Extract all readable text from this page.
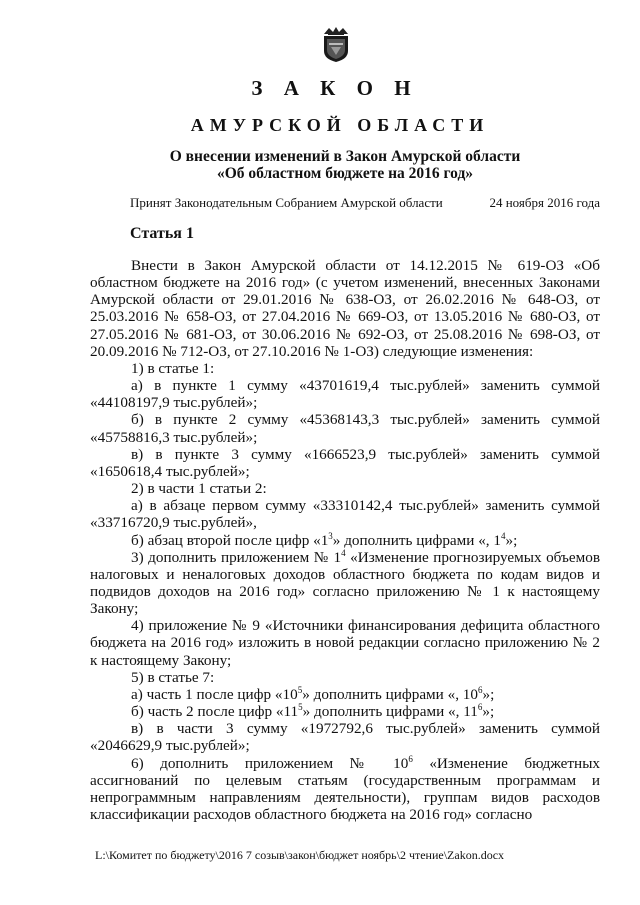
З А К О Н
АМУРСКОЙ ОБЛАСТИ
О внесении изменений в Закон Амурской области
«Об областном бюджете на 2016 год»
Принят Законодательным Собранием Амурской области	24 ноября 2016 года
Статья 1

Внести в Закон Амурской области от 14.12.2015 № 619-ОЗ «Об областном бюджете на 2016 год» (с учетом изменений, внесенных Законами Амурской области от 29.01.2016 № 638-ОЗ, от 26.02.2016 № 648-ОЗ, от 25.03.2016 № 658-ОЗ, от 27.04.2016 № 669-ОЗ, от 13.05.2016 № 680-ОЗ, от 27.05.2016 № 681-ОЗ, от 30.06.2016 № 692-ОЗ, от 25.08.2016 № 698-ОЗ, от 20.09.2016 № 712-ОЗ, от 27.10.2016 № 1-ОЗ) следующие изменения:

1) в статье 1:

а) в пункте 1 сумму «43701619,4 тыс.рублей» заменить суммой «44108197,9 тыс.рублей»;

б) в пункте 2 сумму «45368143,3 тыс.рублей» заменить суммой «45758816,3 тыс.рублей»;

в) в пункте 3 сумму «1666523,9 тыс.рублей» заменить суммой «1650618,4 тыс.рублей»;

2) в части 1 статьи 2:

а) в абзаце первом сумму «33310142,4 тыс.рублей» заменить суммой «33716720,9 тыс.рублей»,

б) абзац второй после цифр «$1^3$» дополнить цифрами «, $1^4$»;

3) дополнить приложением № $1^4$ «Изменение прогнозируемых объемов налоговых и неналоговых доходов областного бюджета по кодам видов и подвидов доходов на 2016 год» согласно приложению № 1 к настоящему Закону;

4) приложение № 9 «Источники финансирования дефицита областного бюджета на 2016 год» изложить в новой редакции согласно приложению № 2 к настоящему Закону;

5) в статье 7:

а) часть 1 после цифр «$10^5$» дополнить цифрами «, $10^6$»;

б) часть 2 после цифр «$11^5$» дополнить цифрами «, $11^6$»;

в) в части 3 сумму «1972792,6 тыс.рублей» заменить суммой «2046629,9 тыс.рублей»;

6) дополнить приложением № $10^6$ «Изменение бюджетных ассигнований по целевым статьям (государственным программам и непрограммным направлениям деятельности), группам видов расходов классификации расходов областного бюджета на 2016 год» согласно

L:\Комитет по бюджету\2016 7 созыв\закон\бюджет ноябрь\2 чтение\Zakon.docx
